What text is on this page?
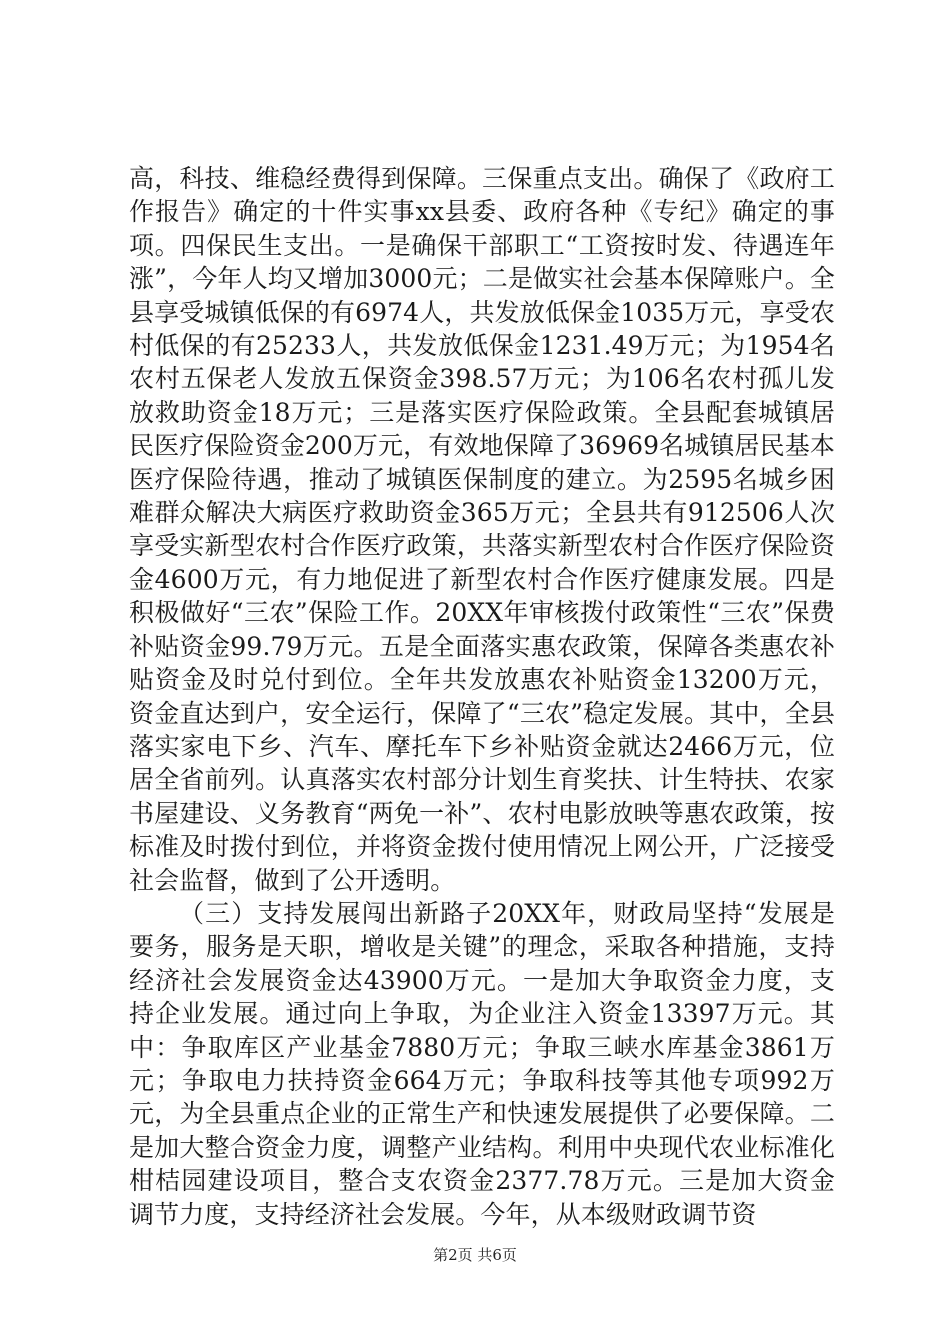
高，科技、维稳经费得到保障。三保重点支出。确保了《政府工作报告》确定的十件实事xx县委、政府各种《专纪》确定的事项。四保民生支出。一是确保干部职工“工资按时发、待遇连年涨”，今年人均又增加3000元；二是做实社会基本保障账户。全县享受城镇低保的有6974人，共发放低保金1035万元，享受农村低保的有25233人，共发放低保金1231.49万元；为1954名农村五保老人发放五保资金398.57万元；为106名农村孤儿发放救助资金18万元；三是落实医疗保险政策。全县配套城镇居民医疗保险资金200万元，有效地保障了36969名城镇居民基本医疗保险待遇，推动了城镇医保制度的建立。为2595名城乡困难群众解决大病医疗救助资金365万元；全县共有912506人次享受实新型农村合作医疗政策，共落实新型农村合作医疗保险资金4600万元，有力地促进了新型农村合作医疗健康发展。四是积极做好“三农”保险工作。20XX年审核拨付政策性“三农”保费补贴资金99.79万元。五是全面落实惠农政策，保障各类惠农补贴资金及时兑付到位。全年共发放惠农补贴资金13200万元，资金直达到户，安全运行，保障了“三农”稳定发展。其中，全县落实家电下乡、汽车、摩托车下乡补贴资金就达2466万元，位居全省前列。认真落实农村部分计划生育奖扶、计生特扶、农家书屋建设、义务教育“两免一补”、农村电影放映等惠农政策，按标准及时拨付到位，并将资金拨付使用情况上网公开，广泛接受社会监督，做到了公开透明。

（三）支持发展闯出新路子20XX年，财政局坚持“发展是要务，服务是天职，增收是关键”的理念，采取各种措施，支持经济社会发展资金达43900万元。一是加大争取资金力度，支持企业发展。通过向上争取，为企业注入资金13397万元。其中：争取库区产业基金7880万元；争取三峡水库基金3861万元；争取电力扶持资金664万元；争取科技等其他专项992万元，为全县重点企业的正常生产和快速发展提供了必要保障。二是加大整合资金力度，调整产业结构。利用中央现代农业标准化柑桔园建设项目，整合支农资金2377.78万元。三是加大资金调节力度，支持经济社会发展。今年，从本级财政调节资

第2页 共6页
